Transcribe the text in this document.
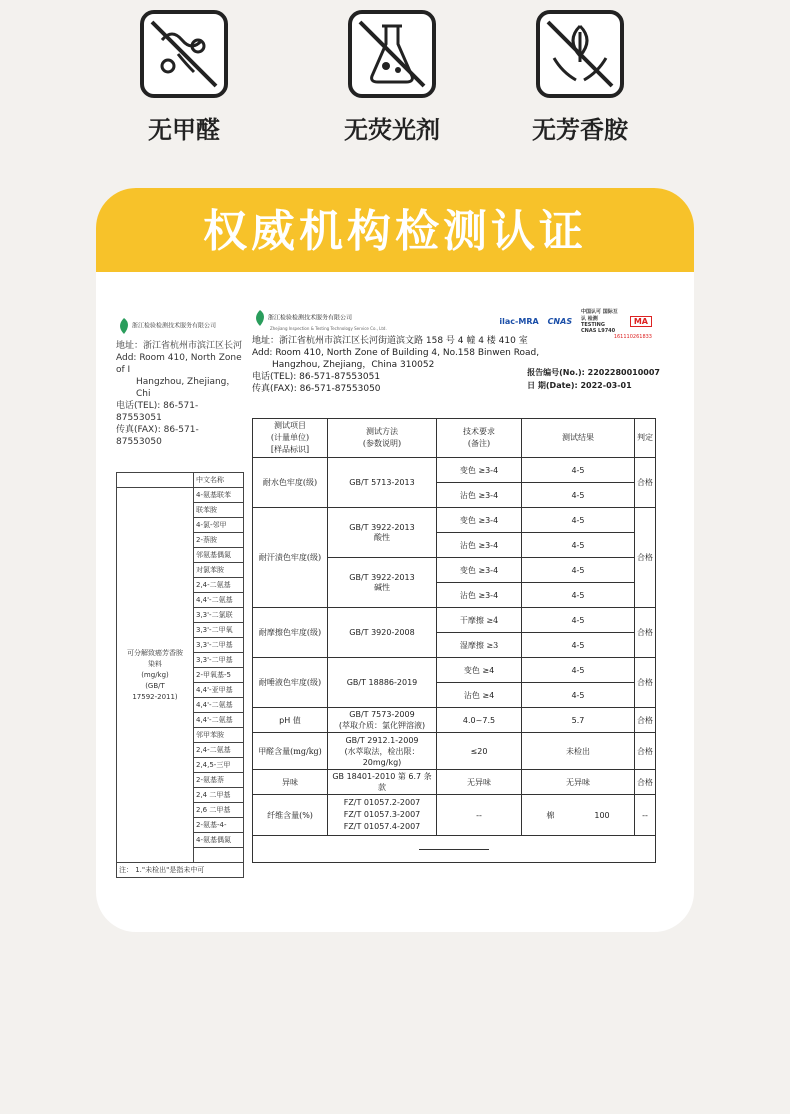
无甲醛	无荧光剂	无芳香胺
权威机构检测认证
浙江检验检测技术服务有限公司
地址：浙江省杭州市滨江区长河
Add: Room 410, North Zone of I
Hangzhou, Zhejiang，Chi
电话(TEL): 86-571-87553051
传真(FAX): 86-571-87553050
	中文名称

可分解致癌芳香胺
染料
(mg/kg)
(GB/T
17592-2011)	4-氨基联苯
	联苯胺
	4-氯-邻甲
	2-萘胺
	邻氨基偶氮
	对氯苯胺
	2,4-二氨基
	4,4'-二氨基
	3,3'-二氯联
	3,3'-二甲氧
	3,3'-二甲基
	3,3'-二甲基
	2-甲氧基-5
	4,4'-亚甲基
	4,4'-二氨基
	4,4'-二氨基
	邻甲苯胺
	2,4-二氨基
	2,4,5-三甲
	2-氨基萘
	2,4 二甲基
	2,6 二甲基
	2-氨基-4-
	4-氨基偶氮

注： 1."未检出"是指未中可	
浙江检验检测技术服务有限公司
Zhejiang Inspection & Testing Technology Service Co., Ltd.
ilac-MRA CNAS 中国认可 国际互认 检测 TESTING CNAS L9740 MA
161110261833
地址：浙江省杭州市滨江区长河街道滨文路 158 号 4 幢 4 楼 410 室
Add: Room 410, North Zone of Building 4, No.158 Binwen Road,
Hangzhou, Zhejiang，China 310052
电话(TEL): 86-571-87553051
传真(FAX): 86-571-87553050
报告编号(No.): 2202280010007
日 期(Date): 2022-03-01
测试项目
(计量单位)
[样品标识]	测试方法
(参数说明)	技术要求
(备注)	测试结果	判定
耐水色牢度(级)	GB/T 5713-2013	变色 ≥3-4	4-5	合格
		沾色 ≥3-4	4-5	
耐汗渍色牢度(级)	GB/T 3922-2013
酸性	变色 ≥3-4	4-5	合格
		沾色 ≥3-4	4-5	
	GB/T 3922-2013
碱性	变色 ≥3-4	4-5	
		沾色 ≥3-4	4-5	
耐摩擦色牢度(级)	GB/T 3920-2008	干摩擦 ≥4	4-5	合格
		湿摩擦 ≥3	4-5	
耐唾液色牢度(级)	GB/T 18886-2019	变色 ≥4	4-5	合格
		沾色 ≥4	4-5	
pH 值	GB/T 7573-2009
(萃取介质：氯化钾溶液)	4.0~7.5	5.7	合格
甲醛含量(mg/kg)	GB/T 2912.1-2009
(水萃取法，检出限：
20mg/kg)	≤20	未检出	合格
异味	GB 18401-2010 第 6.7 条款	无异味	无异味	合格
纤维含量(%)	FZ/T 01057.2-2007
FZ/T 01057.3-2007
FZ/T 01057.4-2007	--	棉 100	--
